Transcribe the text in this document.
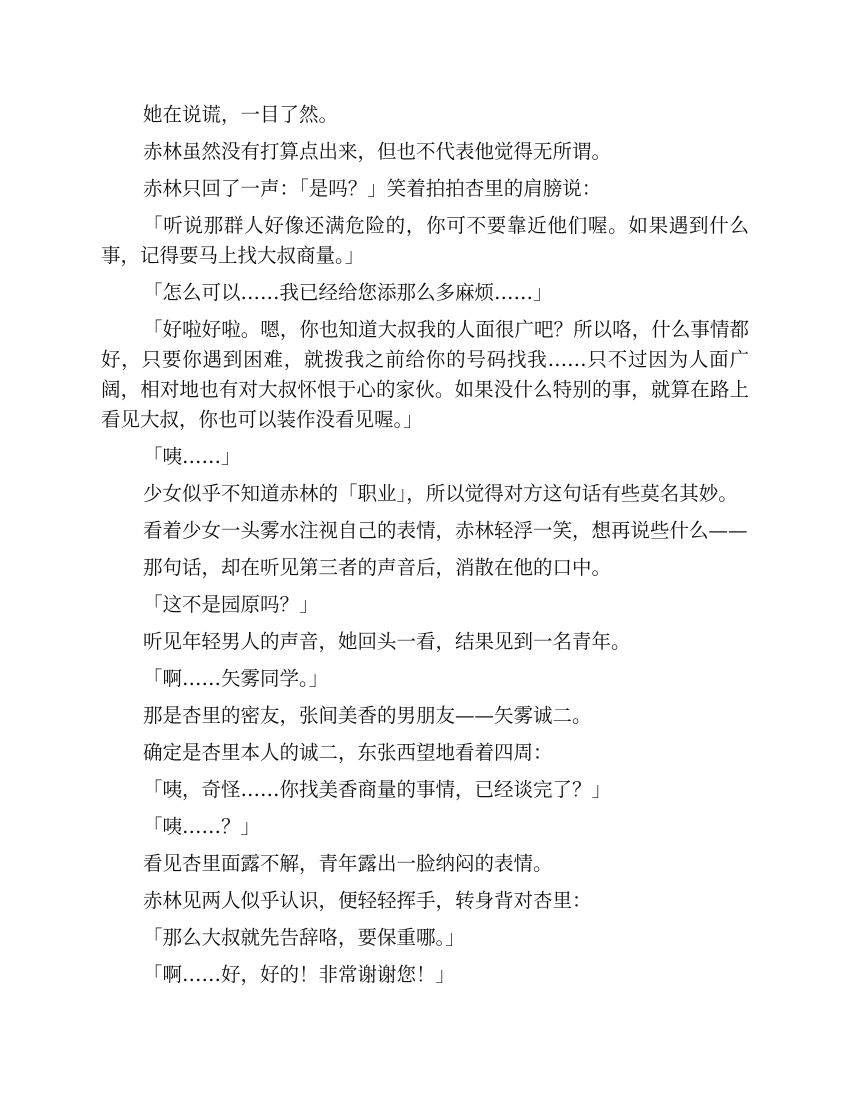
她在说谎，一目了然。

赤林虽然没有打算点出来，但也不代表他觉得无所谓。

赤林只回了一声：「是吗？」笑着拍拍杏里的肩膀说：

「听说那群人好像还满危险的，你可不要靠近他们喔。如果遇到什么事，记得要马上找大叔商量。」

「怎么可以……我已经给您添那么多麻烦……」

「好啦好啦。嗯，你也知道大叔我的人面很广吧？所以咯，什么事情都好，只要你遇到困难，就拨我之前给你的号码找我……只不过因为人面广阔，相对地也有对大叔怀恨于心的家伙。如果没什么特别的事，就算在路上看见大叔，你也可以装作没看见喔。」

「咦……」

少女似乎不知道赤林的「职业」，所以觉得对方这句话有些莫名其妙。

看着少女一头雾水注视自己的表情，赤林轻浮一笑，想再说些什么——

那句话，却在听见第三者的声音后，消散在他的口中。

「这不是园原吗？」

听见年轻男人的声音，她回头一看，结果见到一名青年。

「啊……矢雾同学。」

那是杏里的密友，张间美香的男朋友——矢雾诚二。

确定是杏里本人的诚二，东张西望地看着四周：

「咦，奇怪……你找美香商量的事情，已经谈完了？」

「咦……？」

看见杏里面露不解，青年露出一脸纳闷的表情。

赤林见两人似乎认识，便轻轻挥手，转身背对杏里：

「那么大叔就先告辞咯，要保重哪。」

「啊……好，好的！非常谢谢您！」
